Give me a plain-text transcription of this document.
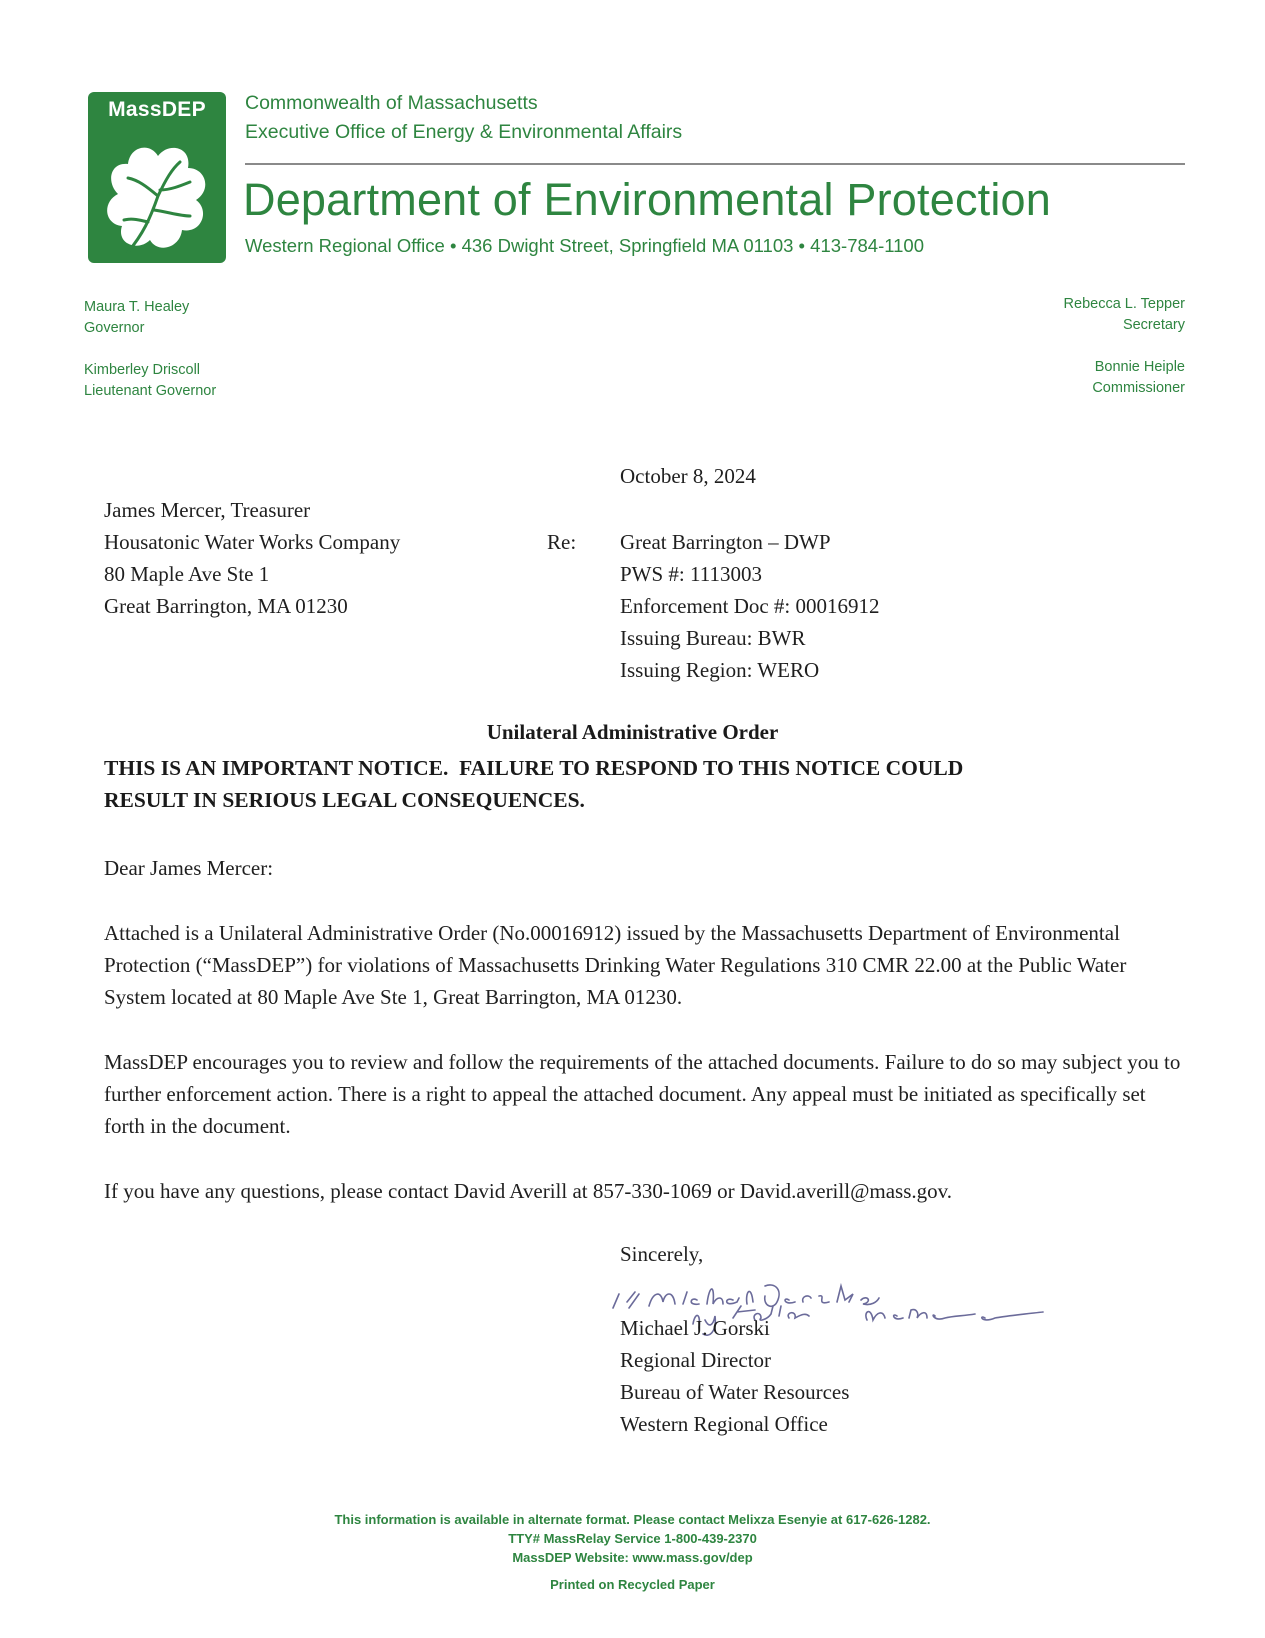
MassDEP	Commonwealth of Massachusetts
Executive Office of Energy & Environmental Affairs
Department of Environmental Protection
Western Regional Office • 436 Dwight Street, Springfield MA 01103 • 413-784-1100
Maura T. Healey
Governor
Kimberley Driscoll
Lieutenant Governor
Rebecca L. Tepper
Secretary
Bonnie Heiple
Commissioner
October 8, 2024
James Mercer, Treasurer
Housatonic Water Works Company
80 Maple Ave Ste 1
Great Barrington, MA 01230
Re: Great Barrington – DWP
PWS #: 1113003
Enforcement Doc #: 00016912
Issuing Bureau: BWR
Issuing Region: WERO
Unilateral Administrative Order
THIS IS AN IMPORTANT NOTICE.  FAILURE TO RESPOND TO THIS NOTICE COULD
RESULT IN SERIOUS LEGAL CONSEQUENCES.
Dear James Mercer:
Attached is a Unilateral Administrative Order (No.00016912) issued by the Massachusetts Department of Environmental Protection (“MassDEP”) for violations of Massachusetts Drinking Water Regulations 310 CMR 22.00 at the Public Water System located at 80 Maple Ave Ste 1, Great Barrington, MA 01230.
MassDEP encourages you to review and follow the requirements of the attached documents. Failure to do so may subject you to further enforcement action. There is a right to appeal the attached document. Any appeal must be initiated as specifically set forth in the document.
If you have any questions, please contact David Averill at 857-330-1069 or David.averill@mass.gov.
Sincerely,
Michael J. Gorski
Regional Director
Bureau of Water Resources
Western Regional Office
This information is available in alternate format. Please contact Melixza Esenyie at 617-626-1282.
TTY# MassRelay Service 1-800-439-2370
MassDEP Website: www.mass.gov/dep
Printed on Recycled Paper
